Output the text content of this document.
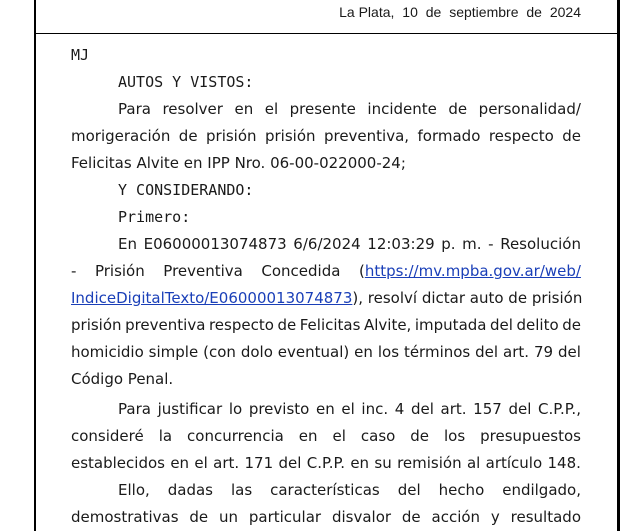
La Plata, 10 de septiembre de 2024
MJ
AUTOS Y VISTOS:
Para resolver en el presente incidente de personalidad/
morigeración de prisión prisión preventiva, formado respecto de
Felicitas Alvite en IPP Nro. 06-00-022000-24;
Y CONSIDERANDO:
Primero:
En E06000013074873 6/6/2024 12:03:29 p. m. - Resolución
- Prisión Preventiva Concedida (https://mv.mpba.gov.ar/web/
IndiceDigitalTexto/E06000013074873), resolví dictar auto de prisión
prisión preventiva respecto de Felicitas Alvite, imputada del delito de
homicidio simple (con dolo eventual) en los términos del art. 79 del
Código Penal.
Para justificar lo previsto en el inc. 4 del art. 157 del C.P.P.,
consideré la concurrencia en el caso de los presupuestos
establecidos en el art. 171 del C.P.P. en su remisión al artículo 148.
Ello, dadas las características del hecho endilgado,
demostrativas de un particular disvalor de acción y resultado
